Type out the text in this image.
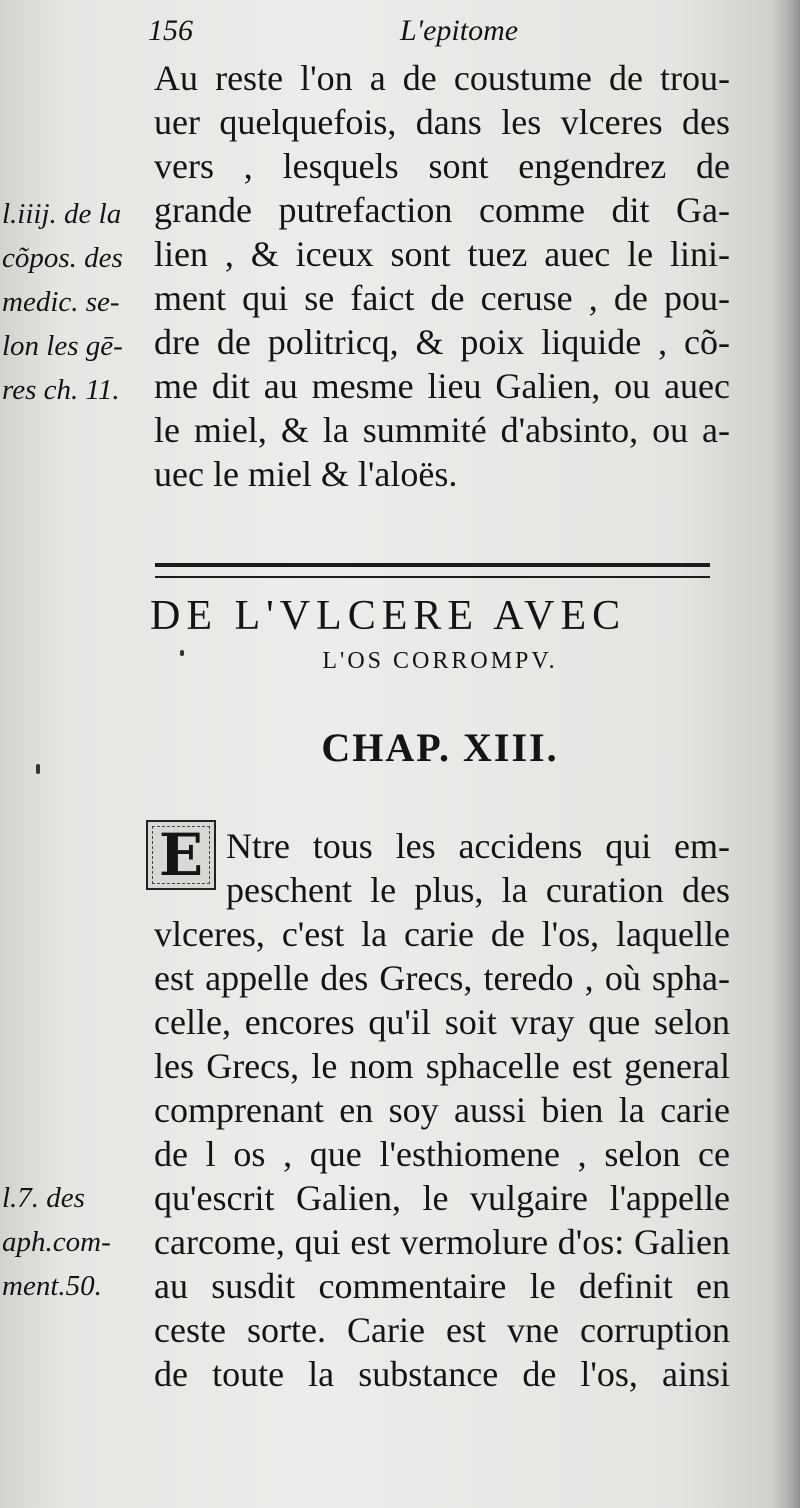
156	L'epitome
Au reste l'on a de coustume de trou-
uer quelquefois, dans les vlceres des
vers , lesquels sont engendrez de
grande putrefaction comme dit Ga-
lien , & iceux sont tuez auec le lini-
ment qui se faict de ceruse , de pou-
dre de politricq, & poix liquide , cõ-
me dit au mesme lieu Galien, ou auec
le miel, & la summité d'absinto, ou a-
uec le miel & l'aloës.
l.iiij. de la
cõpos. des
medic. se-
lon les gē-
res ch. 11.
DE L'VLCERE AVEC
L'OS CORROMPV.
CHAP. XIII.
E Ntre tous les accidens qui em-
peschent le plus, la curation des
vlceres, c'est la carie de l'os, laquelle
est appelle des Grecs, teredo , où spha-
celle, encores qu'il soit vray que selon
les Grecs, le nom sphacelle est general
comprenant en soy aussi bien la carie
de l os , que l'esthiomene , selon ce
qu'escrit Galien, le vulgaire l'appelle
carcome, qui est vermolure d'os: Galien
au susdit commentaire le definit en
ceste sorte. Carie est vne corruption
de toute la substance de l'os, ainsi
l.7. des
aph.com-
ment.50.
